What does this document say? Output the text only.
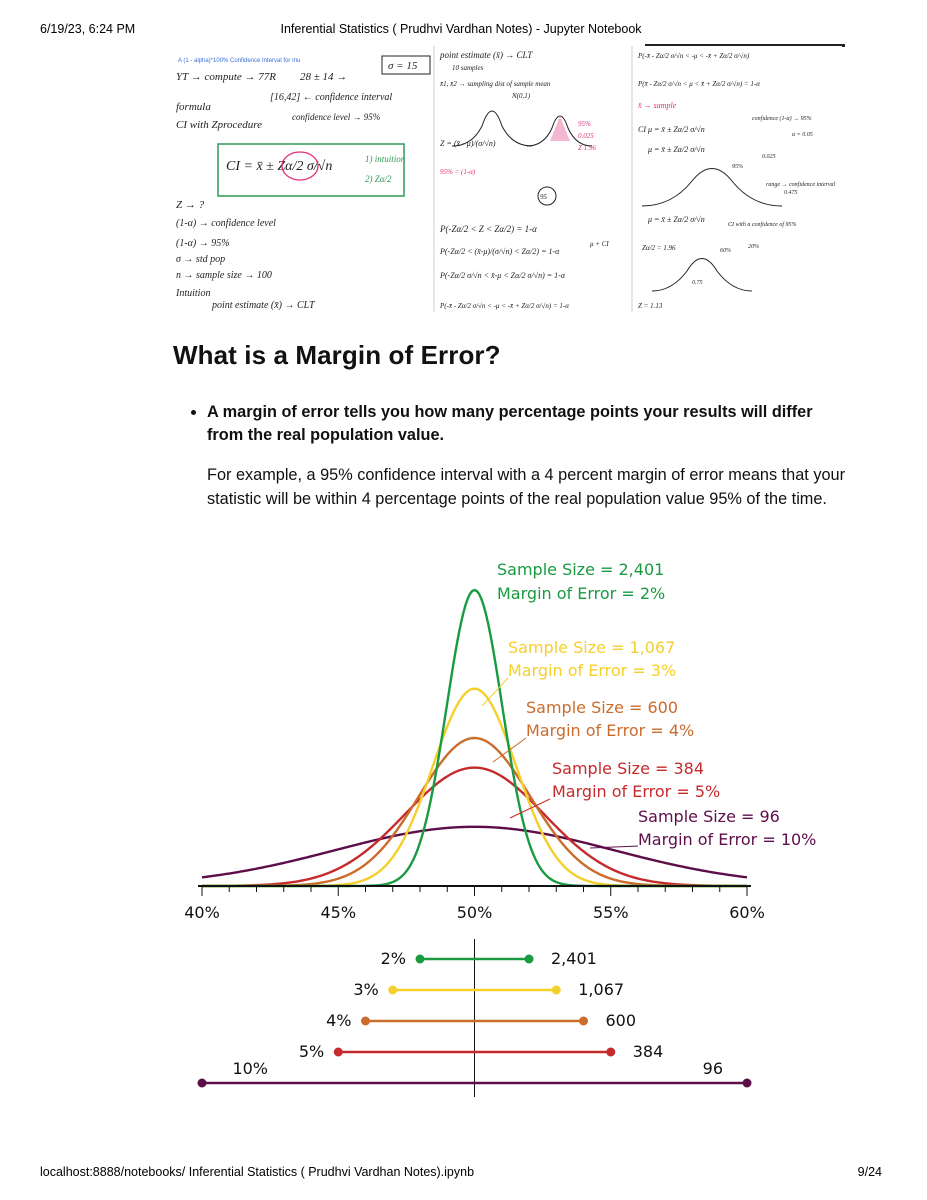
6/19/23, 6:24 PM	Inferential Statistics ( Prudhvi Vardhan Notes) - Jupyter Notebook
A (1 - alpha)*100% Confidence Interval for mu
YT → compute → 77R 28 ± 14 →
σ = 15
[16,42] ← confidence interval
confidence level → 95%
formula
CI with Zprocedure
CI = x̄ ± Zα/2 σ/√n	1) intuition
2) Zα/2
Z → ?
(1-α) → confidence level
(1-α) → 95%
σ → std pop
n → sample size → 100
Intuition
point estimate (x̄) → CLT
point estimate (x̄) → CLT
10 samples
x̄1, x̄2 → sampling dist of sample mean
N(0,1)
Z = (x̄ - μ)/(σ/√n)
95% = (1-α)
95%
0.025
Z 1.96
95
P(-Zα/2 < Z < Zα/2) = 1-α
P(-Zα/2 < (x̄-μ)/(σ/√n) < Zα/2) = 1-α
P(-Zα/2 σ/√n < x̄-μ < Zα/2 σ/√n) = 1-α
P(-x̄ - Zα/2 σ/√n < -μ < -x̄ + Zα/2 σ/√n) = 1-α
μ + CI
P(-x̄ - Zα/2 σ/√n < -μ < -x̄ + Zα/2 σ/√n)
P(x̄ - Zα/2 σ/√n < μ < x̄ + Zα/2 σ/√n) = 1-α
x̄ → sample
CI μ = x̄ ± Zα/2 σ/√n
confidence (1-α) → 95%
α = 0.05
μ = x̄ ± Zα/2 σ/√n
range → confidence interval
μ = x̄ ± Zα/2 σ/√n
CI with a confidence of 95%
Zα/2 = 1.96
Z = 1.13
0.75
60%
20%
95%
0.025
0.475
What is a Margin of Error?
• A margin of error tells you how many percentage points your results will differ from the real population value.

For example, a 95% confidence interval with a 4 percent margin of error means that your statistic will be within 4 percentage points of the real population value 95% of the time.

40%	45%	50%	55%	60%
Sample Size = 2,401
Margin of Error = 2%
Sample Size = 1,067
Margin of Error = 3%
Sample Size = 600
Margin of Error = 4%
Sample Size = 384
Margin of Error = 5%
Sample Size = 96
Margin of Error = 10%
2%	2,401
3%	1,067
4%	600
5%	384
10%	96
localhost:8888/notebooks/ Inferential Statistics ( Prudhvi Vardhan Notes).ipynb	9/24
